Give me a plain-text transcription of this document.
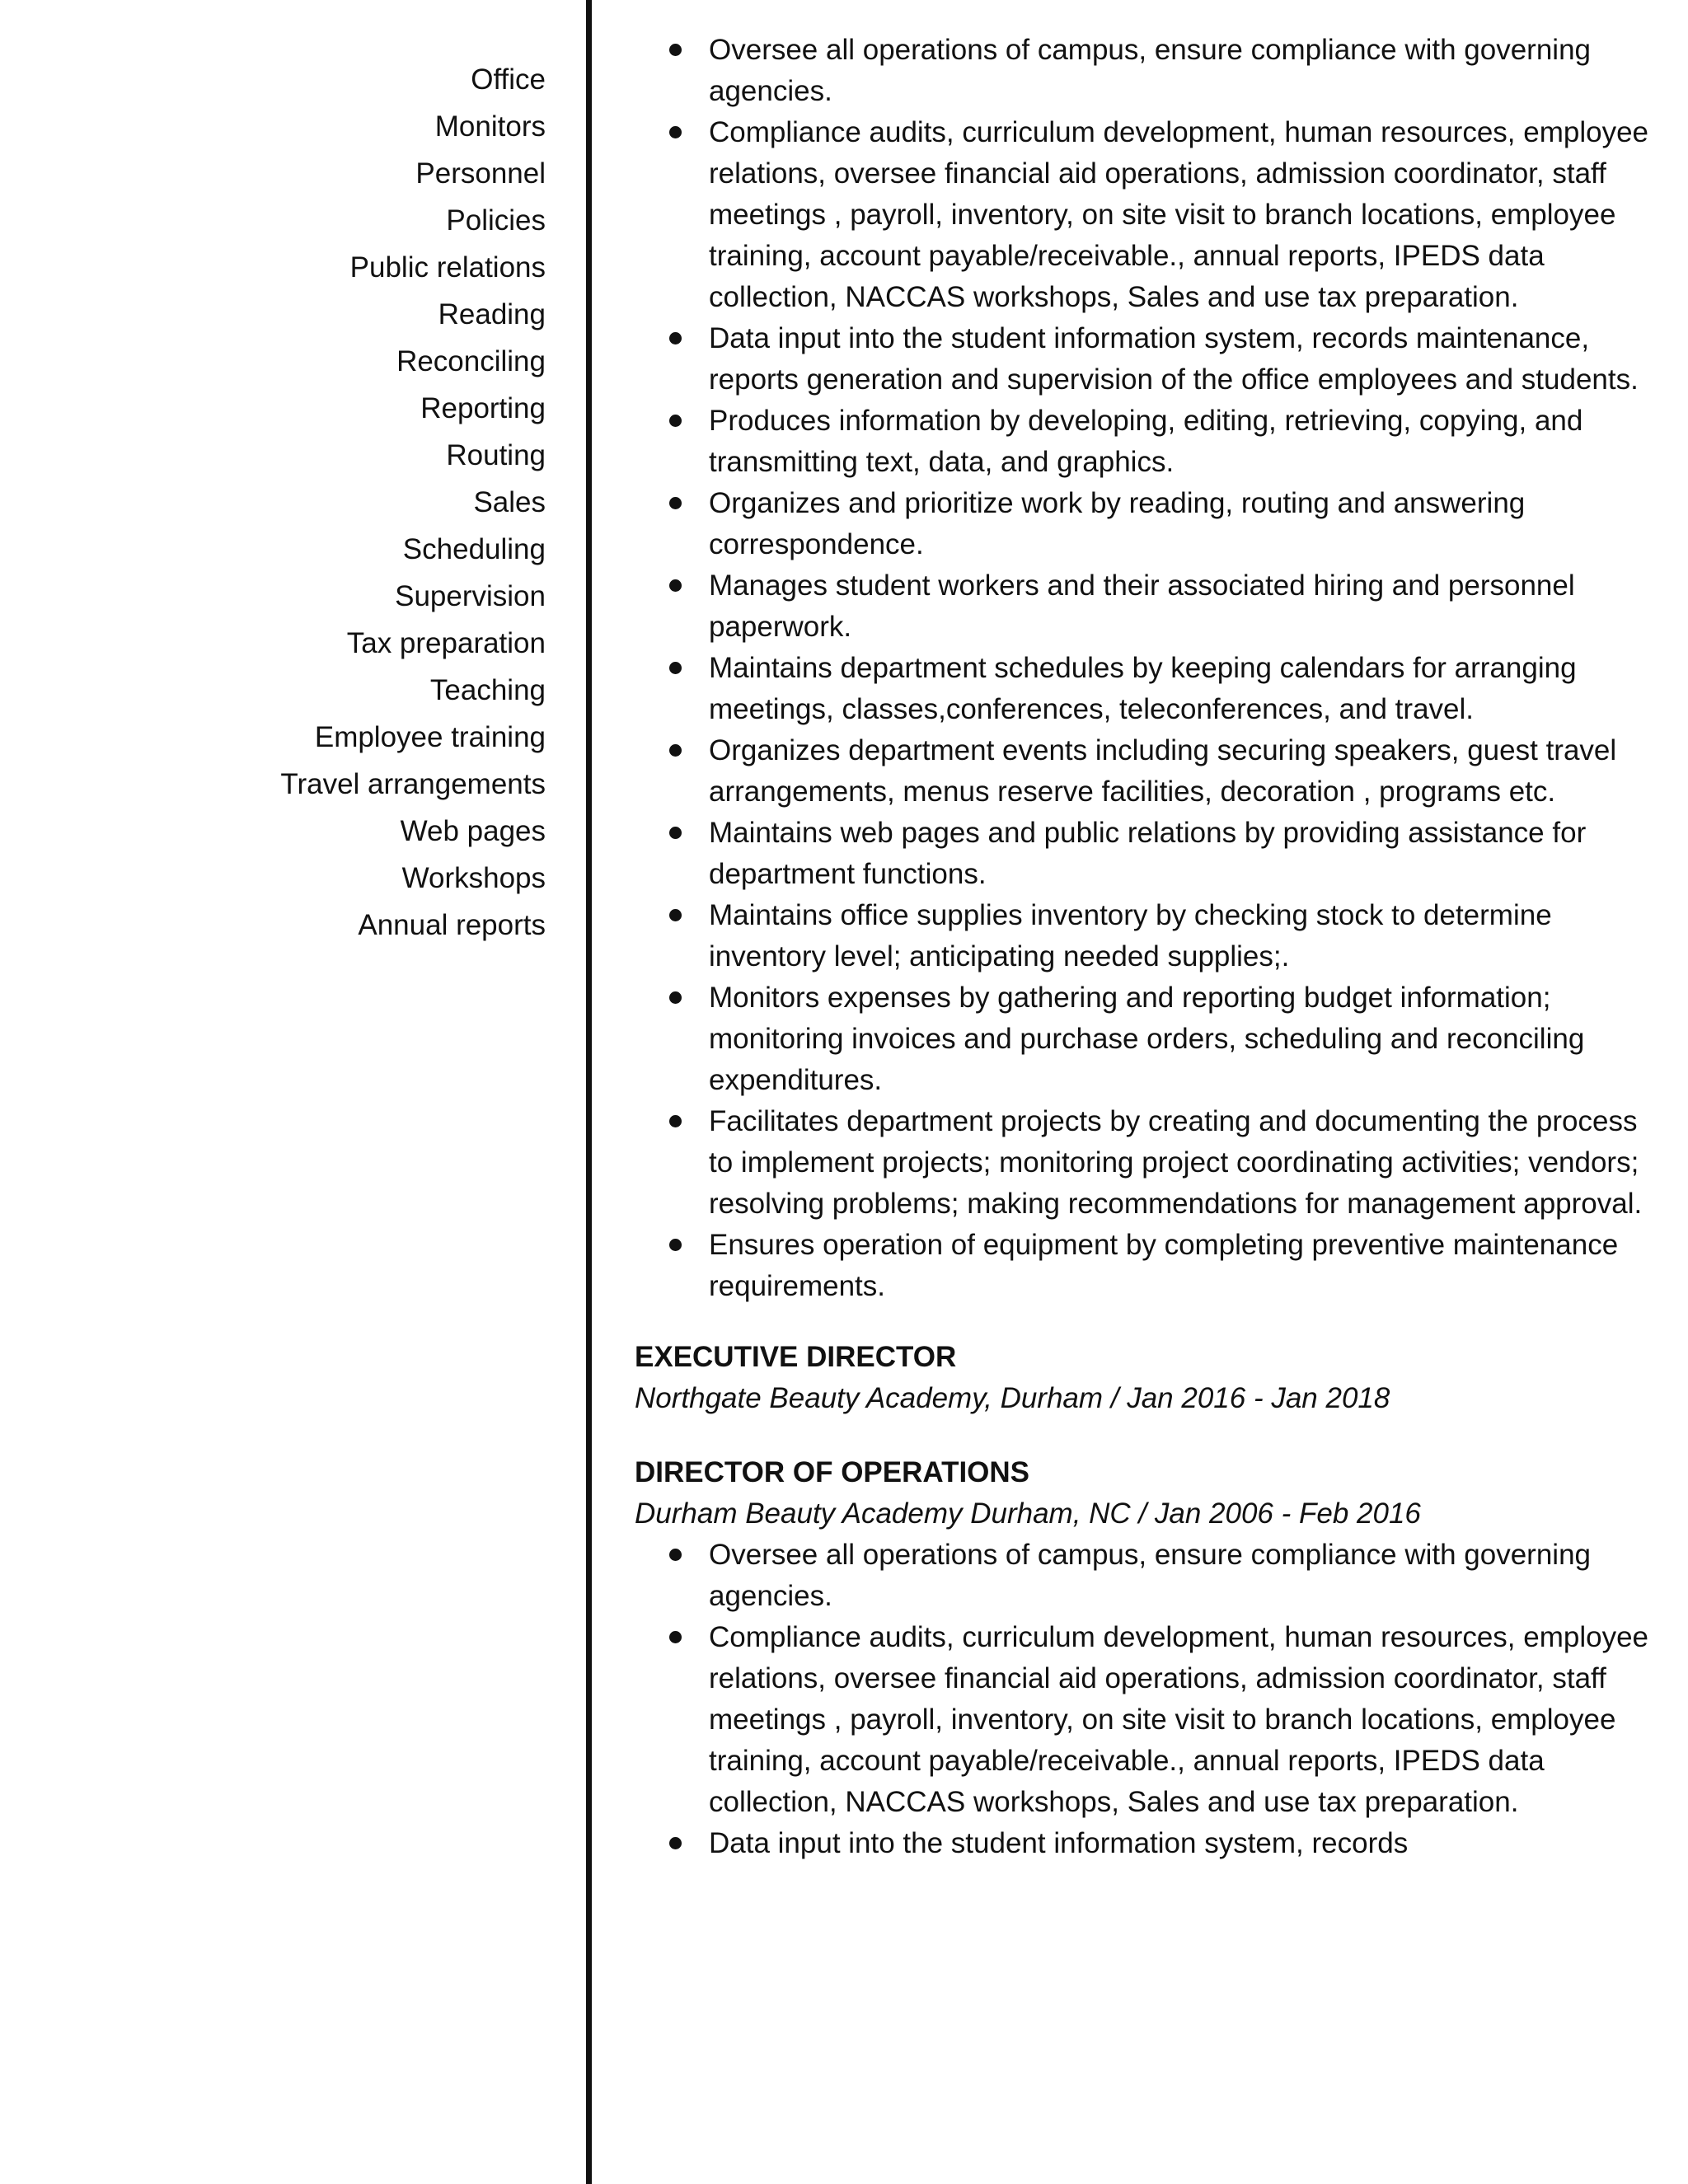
Office
Monitors
Personnel
Policies
Public relations
Reading
Reconciling
Reporting
Routing
Sales
Scheduling
Supervision
Tax preparation
Teaching
Employee training
Travel arrangements
Web pages
Workshops
Annual reports
Oversee all operations of campus, ensure compliance with governing agencies.
Compliance audits, curriculum development, human resources, employee relations, oversee financial aid operations, admission coordinator, staff meetings , payroll, inventory, on site visit to branch locations, employee training, account payable/receivable., annual reports, IPEDS data collection, NACCAS workshops, Sales and use tax preparation.
Data input into the student information system, records maintenance, reports generation and supervision of the office employees and students.
Produces information by developing, editing, retrieving, copying, and transmitting text, data, and graphics.
Organizes and prioritize work by reading, routing and answering correspondence.
Manages student workers and their associated hiring and personnel paperwork.
Maintains department schedules by keeping calendars for arranging meetings, classes,conferences, teleconferences, and travel.
Organizes department events including securing speakers, guest travel arrangements, menus reserve facilities, decoration , programs etc.
Maintains web pages and public relations by providing assistance for department functions.
Maintains office supplies inventory by checking stock to determine inventory level; anticipating needed supplies;.
Monitors expenses by gathering and reporting budget information; monitoring invoices and purchase orders, scheduling and reconciling expenditures.
Facilitates department projects by creating and documenting the process to implement projects; monitoring project coordinating activities; vendors; resolving problems; making recommendations for management approval.
Ensures operation of equipment by completing preventive maintenance requirements.

EXECUTIVE DIRECTOR

Northgate Beauty Academy, Durham / Jan 2016 - Jan 2018

DIRECTOR OF OPERATIONS

Durham Beauty Academy Durham, NC / Jan 2006 - Feb 2016

Oversee all operations of campus, ensure compliance with governing agencies.
Compliance audits, curriculum development, human resources, employee relations, oversee financial aid operations, admission coordinator, staff meetings , payroll, inventory, on site visit to branch locations, employee training, account payable/receivable., annual reports, IPEDS data collection, NACCAS workshops, Sales and use tax preparation.
Data input into the student information system, records
